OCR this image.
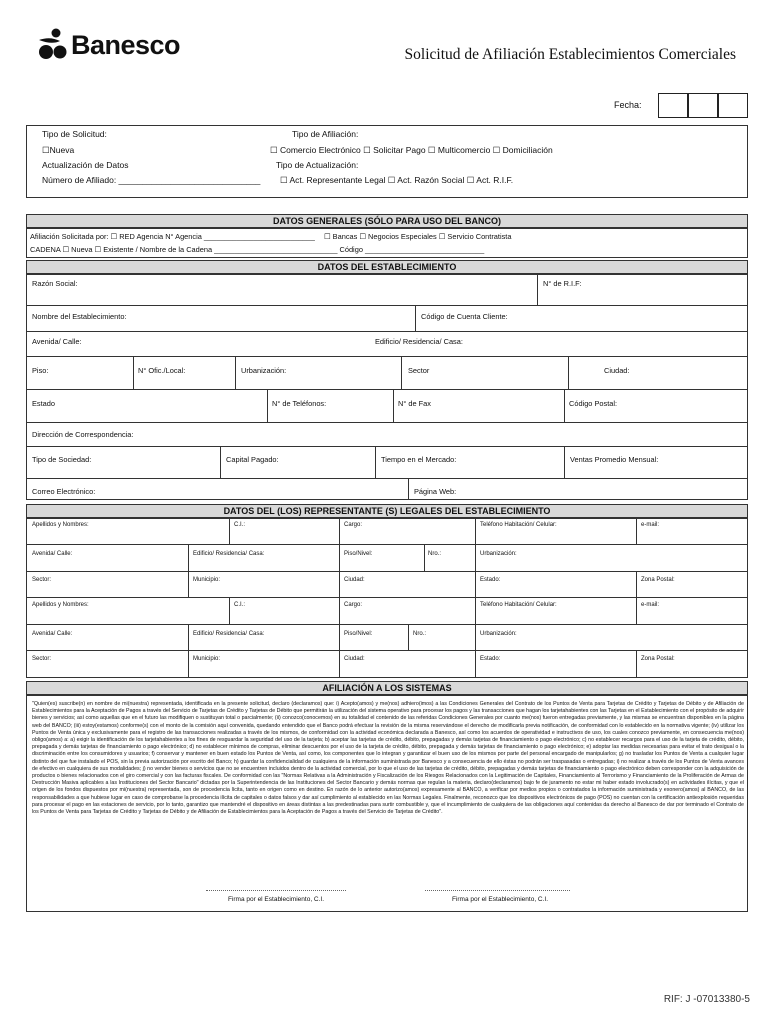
Banesco	Solicitud de Afiliación Establecimientos Comerciales
Fecha:
Tipo de Solicitud:
☐Nueva
Actualización de Datos
Número de Afiliado: ______________________________
Tipo de Afiliación:
☐ Comercio Electrónico ☐ Solicitar Pago ☐ Multicomercio ☐ Domiciliación
Tipo de Actualización:
☐ Act. Representante Legal ☐ Act. Razón Social ☐ Act. R.I.F.
DATOS GENERALES (SÓLO PARA USO DEL BANCO)
Afiliación Solicitada por: ☐ RED Agencia N° Agencia ___________________________ ☐ Bancas ☐ Negocios Especiales ☐ Servicio Contratista
CADENA ☐ Nueva ☐ Existente / Nombre de la Cadena ______________________________ Código _____________________________
DATOS DEL ESTABLECIMIENTO
Razón Social:	N° de R.I.F:
Nombre del Establecimiento:	Código de Cuenta Cliente:
Avenida/ Calle:	Edificio/ Residencia/ Casa:
Piso:	N° Ofic./Local:	Urbanización:	Sector	Ciudad:
Estado	N° de Teléfonos:	N° de Fax	Código Postal:
Dirección de Correspondencia:
Tipo de Sociedad:	Capital Pagado:	Tiempo en el Mercado:	Ventas Promedio Mensual:
Correo Electrónico:	Página Web:
DATOS DEL (LOS) REPRESENTANTE (S) LEGALES DEL ESTABLECIMIENTO
Apellidos y Nombres:	C.I.:	Cargo:	Teléfono Habitación/ Celular:	e-mail:
Avenida/ Calle:	Edificio/ Residencia/ Casa:	Piso/Nivel:	Nro.:	Urbanización:
Sector:	Municipio:	Ciudad:	Estado:	Zona Postal:
Apellidos y Nombres:	C.I.:	Cargo:	Teléfono Habitación/ Celular:	e-mail:
Avenida/ Calle:	Edificio/ Residencia/ Casa:	Piso/Nivel:	Nro.:	Urbanización:
Sector:	Municipio:	Ciudad:	Estado:	Zona Postal:
AFILIACIÓN A LOS SISTEMAS
"Quien(es) suscribe(n) en nombre de mi(nuestra) representada, identificada en la presente solicitud, declaro (declaramos) que: i) Acepto(amos) y me(nos) adhiero(imos) a las Condiciones Generales del Contrato de los Puntos de Venta para Tarjetas de Crédito y Tarjetas de Débito y de Afiliación de Establecimientos para la Aceptación de Pagos a través del Servicio de Tarjetas de Crédito y Tarjetas de Débito que permitirán la utilización del sistema operativo para procesar los pagos y las transacciones que hagan los tarjetahabientes con las Tarjetas en el Establecimiento con el propósito de adquirir bienes y servicios; así como aquellas que en el futuro las modifiquen o sustituyan total o parcialmente; (ii) conozco(conocemos) en su totalidad el contenido de las referidas Condiciones Generales por cuanto me(nos) fueron entregadas previamente, y las mismas se encuentran disponibles en la página web del BANCO; (iii) estoy(estamos) conforme(s) con el monto de la comisión aquí convenida, quedando entendido que el Banco podrá efectuar la revisión de la misma reservándose el derecho de modificarla previa notificación, de conformidad con lo establecido en la normativa vigente; (iv) utilizar los Puntos de Venta única y exclusivamente para el registro de las transacciones realizadas a través de los mismos, de conformidad con la actividad económica declarada a Banesco, así como los acuerdos de operatividad e instructivos de uso, los cuales conozco previamente, en consecuencia me(nos) obligo(amos) a: a) exigir la identificación de los tarjetahabientes a los fines de resguardar la seguridad del uso de la tarjeta; b) aceptar las tarjetas de crédito, débito, prepagadas y demás tarjetas de financiamiento o pago electrónico; c) no establecer recargos para el uso de la tarjeta de crédito, débito, prepagada y demás tarjetas de financiamiento o pago electrónico; d) no establecer mínimos de compras, eliminar descuentos por el uso de la tarjeta de crédito, débito, prepagada y demás tarjetas de financiamiento o pago electrónico; e) adoptar las medidas necesarias para evitar el trato desigual o la discriminación entre los consumidores y usuarios; f) conservar y mantener en buen estado los Puntos de Venta, así como, los componentes que lo integran y garantizar el buen uso de los mismos por parte del personal encargado de manipularlos; g) no trasladar los Puntos de Venta a cualquier lugar distinto del que fue instalado el POS, sin la previa autorización por escrito del Banco; h) guardar la confidencialidad de cualquiera de la información suministrada por Banesco y a consecuencia de ello éstas no podrán ser traspasadas o entregadas; i) no realizar a través de los Puntos de Venta avances de efectivo en cualquiera de sus modalidades; j) no vender bienes o servicios que no se encuentren incluidos dentro de la actividad comercial, por lo que el uso de las tarjetas de crédito, débito, prepagadas y demás tarjetas de financiamiento o pago electrónico deben corresponder con la adquisición de productos o bienes relacionados con el giro comercial y con las facturas fiscales. De conformidad con las "Normas Relativas a la Administración y Fiscalización de los Riesgos Relacionados con la Legitimación de Capitales, Financiamiento al Terrorismo y Financiamiento de la Proliferación de Armas de Destrucción Masiva aplicables a las Instituciones del Sector Bancario" dictadas por la Superintendencia de las Instituciones del Sector Bancario y demás normas que regulan la materia, declaro(declaramos) bajo fe de juramento no estar mi haber estado involucrado(s) en actividades ilícitas, y que el origen de los fondos dispuestos por mi(nuestra) representada, son de procedencia lícita, tanto en origen como en destino. En razón de lo anterior autorizo(amos) expresamente al BANCO, a verificar por medios propios o contratados la información suministrada y exonero(amos) al BANCO, de las responsabilidades a que hubiese lugar en caso de comprobarse la procedencia ilícita de capitales o datos falsos y dar así cumplimiento al establecido en las Normas Legales. Finalmente, reconozco que los dispositivos electrónicos de pago (POS) no cuentan con la certificación antiexplosión requeridas para procesar el pago en las estaciones de servicio, por lo tanto, garantizo que mantendré el dispositivo en áreas distintas a las predestinadas para surtir combustible y, que el incumplimiento de cualquiera de las obligaciones aquí contenidas da derecho al Banesco de dar por terminado el Contrato de los Puntos de Venta para Tarjetas de Crédito y Tarjetas de Débito y de Afiliación de Establecimientos para la Aceptación de Pagos a través del Servicio de Tarjetas de Crédito".
Firma por el Establecimiento, C.I.	Firma por el Establecimiento, C.I.
RIF: J -07013380-5
